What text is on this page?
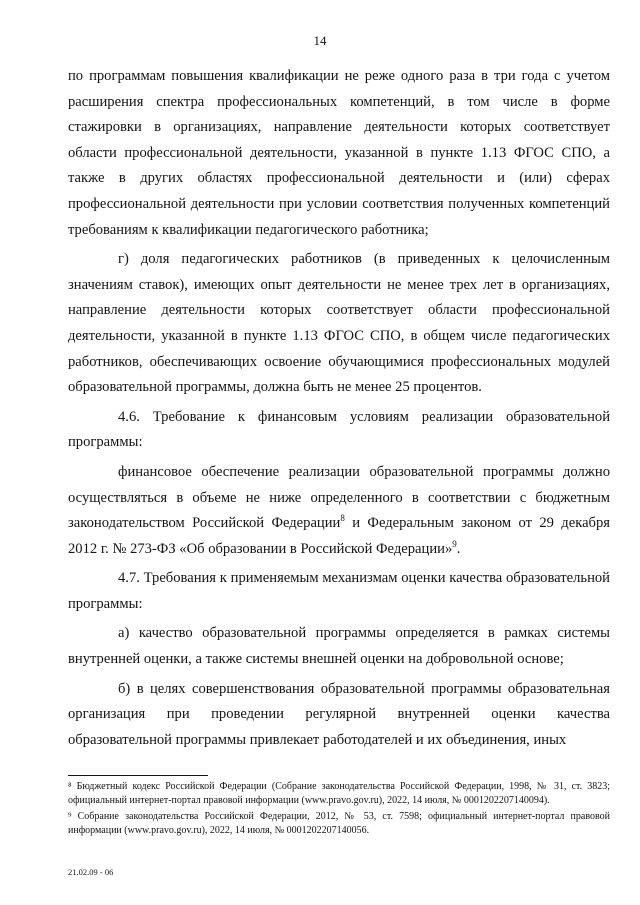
14

по программам повышения квалификации не реже одного раза в три года с учетом расширения спектра профессиональных компетенций, в том числе в форме стажировки в организациях, направление деятельности которых соответствует области профессиональной деятельности, указанной в пункте 1.13 ФГОС СПО, а также в других областях профессиональной деятельности и (или) сферах профессиональной деятельности при условии соответствия полученных компетенций требованиям к квалификации педагогического работника;

г) доля педагогических работников (в приведенных к целочисленным значениям ставок), имеющих опыт деятельности не менее трех лет в организациях, направление деятельности которых соответствует области профессиональной деятельности, указанной в пункте 1.13 ФГОС СПО, в общем числе педагогических работников, обеспечивающих освоение обучающимися профессиональных модулей образовательной программы, должна быть не менее 25 процентов.

4.6. Требование к финансовым условиям реализации образовательной программы:

финансовое обеспечение реализации образовательной программы должно осуществляться в объеме не ниже определенного в соответствии с бюджетным законодательством Российской Федерации$^8$ и Федеральным законом от 29 декабря 2012 г. № 273-ФЗ «Об образовании в Российской Федерации»$^9$.

4.7. Требования к применяемым механизмам оценки качества образовательной программы:

а) качество образовательной программы определяется в рамках системы внутренней оценки, а также системы внешней оценки на добровольной основе;

б) в целях совершенствования образовательной программы образовательная организация при проведении регулярной внутренней оценки качества образовательной программы привлекает работодателей и их объединения, иных

⁸ Бюджетный кодекс Российской Федерации (Собрание законодательства Российской Федерации, 1998, № 31, ст. 3823; официальный интернет-портал правовой информации (www.pravo.gov.ru), 2022, 14 июля, № 0001202207140094).

⁹ Собрание законодательства Российской Федерации, 2012, № 53, ст. 7598; официальный интернет-портал правовой информации (www.pravo.gov.ru), 2022, 14 июля, № 0001202207140056.

21.02.09 - 06
